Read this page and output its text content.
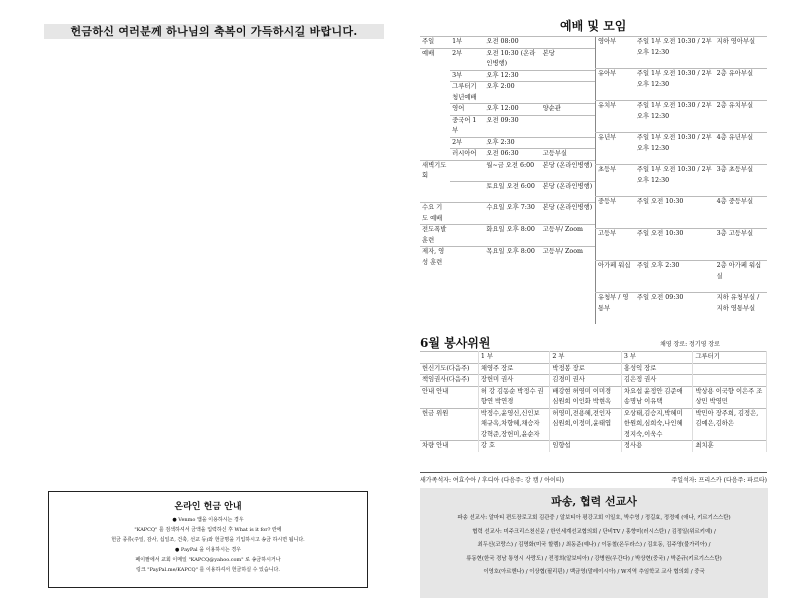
헌금하신 여러분께 하나님의 축복이 가득하시길 바랍니다.
온라인 헌금 안내
● Venmo 앱을 이용하시는 경우
"KAPCQ" 를 검색하셔서 금액을 입력하신 후 What is it for? 란에
헌금 종류(주일, 감사, 십일조, 건축, 선교 등)와 헌금명을 기입하시고 송금 하시면 됩니다.
● PayPal 을 이용하시는 경우
페이팔에서 교회 이메일 "KAPCQ@yahoo.com" 로 송금하시거나
링크 "PayPal.me/KAPCQ" 를 이용하셔서 헌금하실 수 있습니다.
예배 및 모임
주일	1부	오전 08:00	
예배	2부	오전 10:30 (온라인병행)	본당
	3부	오후 12:30	
	그루터기 청년예배	오후 2:00	
	영어	오후 12:00	양순관
	중국어 1부	오전 09:30	
	2부	오후 2:30	
	러시아어	오전 06:30	고등부실
새벽기도회		월~금 오전 6:00	본당 (온라인병행)
		토요일 오전 6:00	본당 (온라인병행)
수요 기도 예배		수요일 오후 7:30	본당 (온라인병행)
전도폭발훈련		화요일 오후 8:00	고등부/ Zoom
제자, 영성 훈련		목요일 오후 8:00	고등부/ Zoom
영아부	주일 1부 오전 10:30 / 2부 오후 12:30	지하 영아부실
유아부	주일 1부 오전 10:30 / 2부 오후 12:30	2층 유아부실
유치부	주일 1부 오전 10:30 / 2부 오후 12:30	2층 유치부실
유년부	주일 1부 오전 10:30 / 2부 오후 12:30	4층 유년부실
초등부	주일 1부 오전 10:30 / 2부 오후 12:30	3층 초등부실
중등부	주일 오전 10:30	4층 중등부실
고등부	주일 오전 10:30	3층 고등부실
아가페 워십	주일 오후 2:30	2층 아가페 워십실
유청부 / 영통부	주일 오전 09:30	지하 유청부실 / 지하 영통부실
6월 봉사위원	채영 장로: 정기영 장로
	1 부	2 부	3 부	그루터기
헌신기도(다음주)	채영주 장로	박정봉 장로	홍성익 장로	
책임권사(다음주)	장헌미 권사	김경미 권사	김은정 권사	
안내 안내	허 강 김동순 박정수 권향연 박연경	배강현 허영미 이미경 심원희 이인화 박현옥	차요섭 윤정안 김준애 송명남 이유택	박상용 이국향 이은주 조상민 박영민
헌금 위원	박정수,윤영신,신인보 채규옥,차향혜,채승자 강혁준,장헌미,윤순자	허영미,전용혜,전인자 심원희,이정미,윤태엽	오상태,김승지,박혜미 한원희,심희숙,나인혜 정지숙,이욱수	박민아 장주희, 김정은,김예은,김하은
차량 안내	강 호	임향섭	정사용	최치훈
새가족석자: 여효수아 / 후디아 (다음주: 강 캠 / 아이티)	주일석자: 프리스카 (다음주: 파르타)
파송, 협력 선교사
파송 선교사: 알마티 편도장로고회 김관중 / 알보티아 평강고회 이일호, 박수영 / 정길효, 정정예 (애나, 키르기스스탄)
협력 선교사: 미주크리스천신문 / 한인세계선교협의회 / 단비TV / 홍향미(러시스탄) / 김정일(위르키예) /
최두신(코랑스) / 김명화(미국 할렘) / 최동준(예나) / 이동철(온두라스) / 김호동, 김주영(불가리아) /
류동현(한국 경남 통영시 사랑도) / 전정희(알보티아) / 강병원(우간다) / 박상현(중국) / 박준규(키르기스스탄)
이영호(아르헨나) / 이상협(필리핀) / 백금영(말레이시아) / W지역 추임학교 교사 협의회 / 중국
